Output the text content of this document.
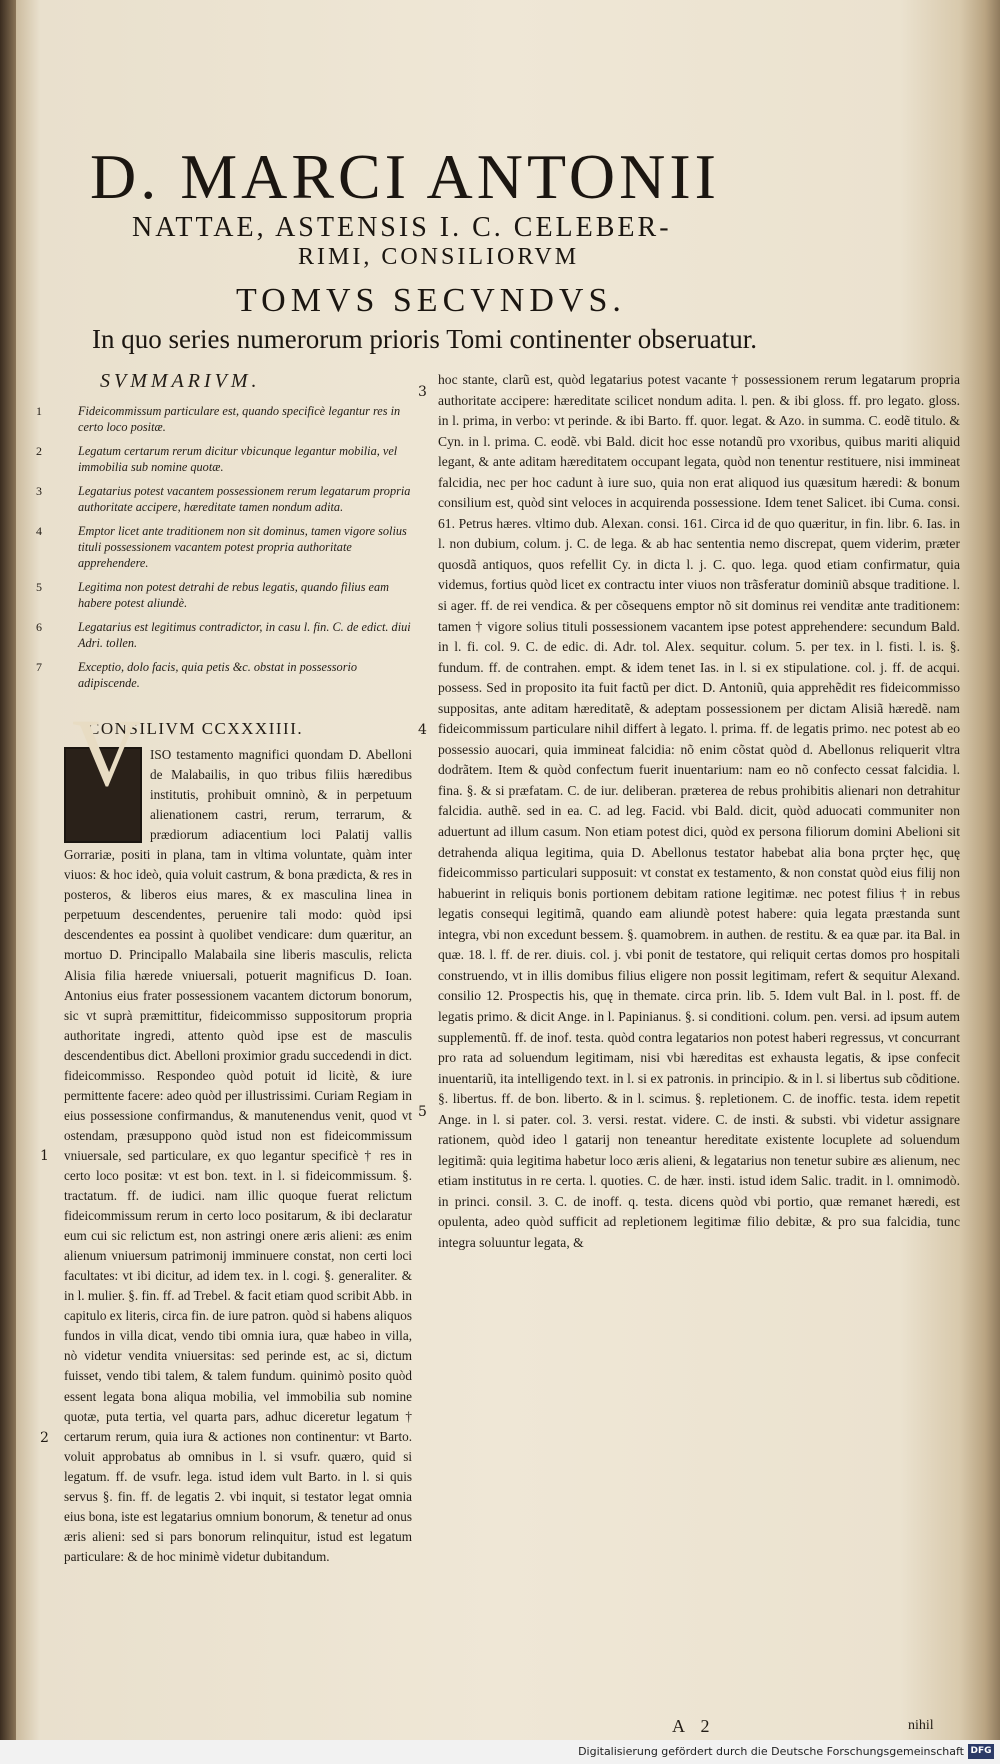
D. MARCI ANTONII
NATTAE, ASTENSIS I. C. CELEBER-
RIMI, CONSILIORVM
TOMVS SECVNDVS.
In quo series numerorum prioris Tomi continenter obseruatur.
SVMMARIVM.
1	Fideicommissum particulare est, quando specificè legantur res in certo loco positæ.
2	Legatum certarum rerum dicitur vbicunque legantur mobilia, vel immobilia sub nomine quotæ.
3	Legatarius potest vacantem possessionem rerum legatarum propria authoritate accipere, hæreditate tamen nondum adita.
4	Emptor licet ante traditionem non sit dominus, tamen vigore solius tituli possessionem vacantem potest propria authoritate apprehendere.
5	Legitima non potest detrahi de rebus legatis, quando filius eam habere potest aliundè.
6	Legatarius est legitimus contradictor, in casu l. fin. C. de edict. diui Adri. tollen.
7	Exceptio, dolo facis, quia petis &c. obstat in possessorio adipiscende.
CONSILIVM CCXXXIIII.
V ISO testamento magnifici quondam D. Abelloni de Malabailis, in quo tribus filiis hæredibus institutis, prohibuit omninò, & in perpetuum alienationem castri, rerum, terrarum, & prædiorum adiacentium loci Palatij vallis Gorrariæ, positi in plana, tam in vltima voluntate, quàm inter viuos: & hoc ideò, quia voluit castrum, & bona prædicta, & res in posteros, & liberos eius mares, & ex masculina linea in perpetuum descendentes, peruenire tali modo: quòd ipsi descendentes ea possint à quolibet vendicare: dum quæritur, an mortuo D. Principallo Malabaila sine liberis masculis, relicta Alisia filia hærede vniuersali, potuerit magnificus D. Ioan. Antonius eius frater possessionem vacantem dictorum bonorum, sic vt suprà præmittitur, fideicommisso suppositorum propria authoritate ingredi, attento quòd ipse est de masculis descendentibus dict. Abelloni proximior gradu succedendi in dict. fideicommisso. Respondeo quòd potuit id licitè, & iure permittente facere: adeo quòd per illustrissimi. Curiam Regiam in eius possessione confirmandus, & manutenendus venit, quod vt ostendam, præsuppono quòd istud non est fideicommissum vniuersale, sed particulare, ex quo legantur specificè † res in certo loco positæ: vt est bon. text. in l. si fideicommissum. §. tractatum. ff. de iudici. nam illic quoque fuerat relictum fideicommissum rerum in certo loco positarum, & ibi declaratur eum cui sic relictum est, non astringi onere æris alieni: æs enim alienum vniuersum patrimonij imminuere constat, non certi loci facultates: vt ibi dicitur, ad idem tex. in l. cogi. §. generaliter. & in l. mulier. §. fin. ff. ad Trebel. & facit etiam quod scribit Abb. in capitulo ex literis, circa fin. de iure patron. quòd si habens aliquos fundos in villa dicat, vendo tibi omnia iura, quæ habeo in villa, nò videtur vendita vniuersitas: sed perinde est, ac si, dictum fuisset, vendo tibi talem, & talem fundum. quinimò posito quòd essent legata bona aliqua mobilia, vel immobilia sub nomine quotæ, puta tertia, vel quarta pars, adhuc diceretur legatum † certarum rerum, quia iura & actiones non continentur: vt Barto. voluit approbatus ab omnibus in l. si vsufr. quæro, quid si legatum. ff. de vsufr. lega. istud idem vult Barto. in l. si quis servus §. fin. ff. de legatis 2. vbi inquit, si testator legat omnia eius bona, iste est legatarius omnium bonorum, & tenetur ad onus æris alieni: sed si pars bonorum relinquitur, istud est legatum particulare: & de hoc minimè videtur dubitandum.
1
2
3
4
5
hoc stante, clarũ est, quòd legatarius potest vacante † possessionem rerum legatarum propria authoritate accipere: hæreditate scilicet nondum adita. l. pen. & ibi gloss. ff. pro legato. gloss. in l. prima, in verbo: vt perinde. & ibi Barto. ff. quor. legat. & Azo. in summa. C. eodẽ titulo. & Cyn. in l. prima. C. eodẽ. vbi Bald. dicit hoc esse notandũ pro vxoribus, quibus mariti aliquid legant, & ante aditam hæreditatem occupant legata, quòd non tenentur restituere, nisi immineat falcidia, nec per hoc cadunt à iure suo, quia non erat aliquod ius quæsitum hæredi: & bonum consilium est, quòd sint veloces in acquirenda possessione. Idem tenet Salicet. ibi Cuma. consi. 61. Petrus hæres. vltimo dub. Alexan. consi. 161. Circa id de quo quæritur, in fin. libr. 6. Ias. in l. non dubium, colum. j. C. de lega. & ab hac sententia nemo discrepat, quem viderim, præter quosdã antiquos, quos refellit Cy. in dicta l. j. C. quo. lega. quod etiam confirmatur, quia videmus, fortius quòd licet ex contractu inter viuos non trãsferatur dominiũ absque traditione. l. si ager. ff. de rei vendica. & per cõsequens emptor nõ sit dominus rei venditæ ante traditionem: tamen † vigore solius tituli possessionem vacantem ipse potest apprehendere: secundum Bald. in l. fi. col. 9. C. de edic. di. Adr. tol. Alex. sequitur. colum. 5. per tex. in l. fisti. l. is. §. fundum. ff. de contrahen. empt. & idem tenet Ias. in l. si ex stipulatione. col. j. ff. de acqui. possess. Sed in proposito ita fuit factũ per dict. D. Antoniũ, quia apprehẽdit res fideicommisso suppositas, ante aditam hæreditatẽ, & adeptam possessionem per dictam Alisiã hæredẽ. nam fideicommissum particulare nihil differt à legato. l. prima. ff. de legatis primo. nec potest ab eo possessio auocari, quia immineat falcidia: nõ enim cõstat quòd d. Abellonus reliquerit vltra dodrãtem. Item & quòd confectum fuerit inuentarium: nam eo nõ confecto cessat falcidia. l. fina. §. & si præfatam. C. de iur. deliberan. præterea de rebus prohibitis alienari non detrahitur falcidia. authẽ. sed in ea. C. ad leg. Facid. vbi Bald. dicit, quòd aduocati communiter non aduertunt ad illum casum. Non etiam potest dici, quòd ex persona filiorum domini Abelioni sit detrahenda aliqua legitima, quia D. Abellonus testator habebat alia bona prçter hęc, quę fideicommisso particulari supposuit: vt constat ex testamento, & non constat quòd eius filij non habuerint in reliquis bonis portionem debitam ratione legitimæ. nec potest filius † in rebus legatis consequi legitimã, quando eam aliundè potest habere: quia legata præstanda sunt integra, vbi non excedunt bessem. §. quamobrem. in authen. de restitu. & ea quæ par. ita Bal. in quæ. 18. l. ff. de rer. diuis. col. j. vbi ponit de testatore, qui reliquit certas domos pro hospitali construendo, vt in illis domibus filius eligere non possit legitimam, refert & sequitur Alexand. consilio 12. Prospectis his, quę in themate. circa prin. lib. 5. Idem vult Bal. in l. post. ff. de legatis primo. & dicit Ange. in l. Papinianus. §. si conditioni. colum. pen. versi. ad ipsum autem supplementũ. ff. de inof. testa. quòd contra legatarios non potest haberi regressus, vt concurrant pro rata ad soluendum legitimam, nisi vbi hæreditas est exhausta legatis, & ipse confecit inuentariũ, ita intelligendo text. in l. si ex patronis. in principio. & in l. si libertus sub cõditione. §. libertus. ff. de bon. liberto. & in l. scimus. §. repletionem. C. de inoffic. testa. idem repetit Ange. in l. si pater. col. 3. versi. restat. videre. C. de insti. & substi. vbi videtur assignare rationem, quòd ideo l gatarij non teneantur hereditate existente locuplete ad soluendum legitimã: quia legitima habetur loco æris alieni, & legatarius non tenetur subire æs alienum, nec etiam institutus in re certa. l. quoties. C. de hær. insti. istud idem Salic. tradit. in l. omnimodò. in princi. consil. 3. C. de inoff. q. testa. dicens quòd vbi portio, quæ remanet hæredi, est opulenta, adeo quòd sufficit ad repletionem legitimæ filio debitæ, & pro sua falcidia, tunc integra soluuntur legata, &
A 2	nihil
Digitalisierung gefördert durch die Deutsche Forschungsgemeinschaft DFG
